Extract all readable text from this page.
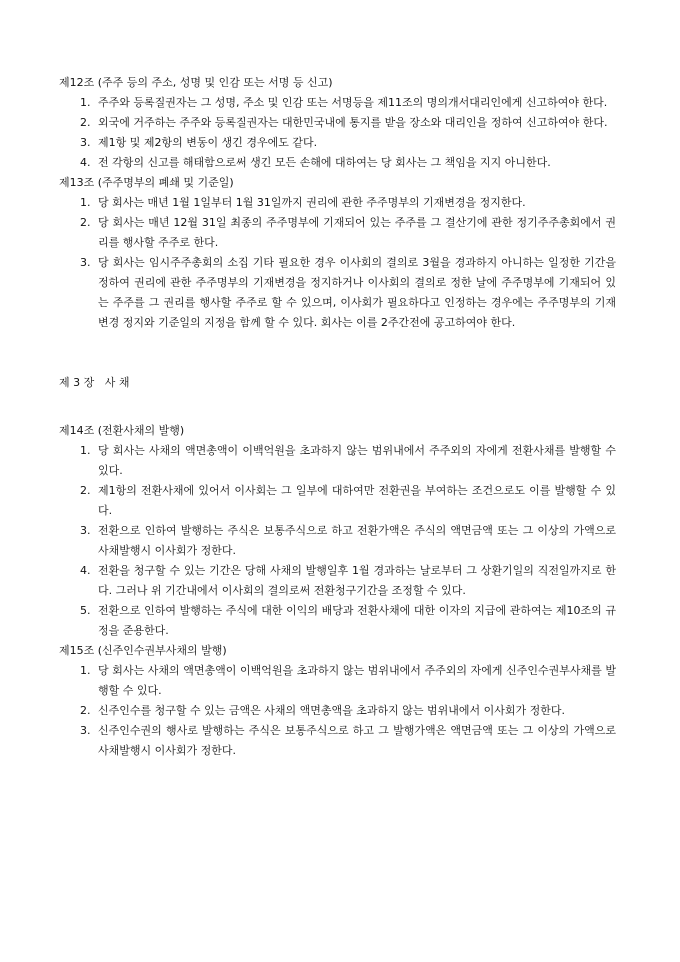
제12조 (주주 등의 주소, 성명 및 인감 또는 서명 등 신고)
1. 주주와 등록질권자는 그 성명, 주소 및 인감 또는 서명등을 제11조의 명의개서대리인에게 신고하여야 한다.
2. 외국에 거주하는 주주와 등록질권자는 대한민국내에 통지를 받을 장소와 대리인을 정하여 신고하여야 한다.
3. 제1항 및 제2항의 변동이 생긴 경우에도 같다.
4. 전 각항의 신고를 해태함으로써 생긴 모든 손해에 대하여는 당 회사는 그 책임을 지지 아니한다.
제13조 (주주명부의 폐쇄 및 기준일)
1. 당 회사는 매년 1월 1일부터 1월 31일까지 권리에 관한 주주명부의 기재변경을 정지한다.
2. 당 회사는 매년 12월 31일 최종의 주주명부에 기재되어 있는 주주를 그 결산기에 관한 정기주주총회에서 권리를 행사할 주주로 한다.
3. 당 회사는 임시주주총회의 소집 기타 필요한 경우 이사회의 결의로 3월을 경과하지 아니하는 일정한 기간을 정하여 권리에 관한 주주명부의 기재변경을 정지하거나 이사회의 결의로 정한 날에 주주명부에 기재되어 있는 주주를 그 권리를 행사할 주주로 할 수 있으며, 이사회가 필요하다고 인정하는 경우에는 주주명부의 기재변경 정지와 기준일의 지정을 함께 할 수 있다. 회사는 이를 2주간전에 공고하여야 한다.
제 3 장   사 채
제14조 (전환사채의 발행)
1. 당 회사는 사채의 액면총액이 이백억원을 초과하지 않는 범위내에서 주주외의 자에게 전환사채를 발행할 수 있다.
2. 제1항의 전환사채에 있어서 이사회는 그 일부에 대하여만 전환권을 부여하는 조건으로도 이를 발행할 수 있다.
3. 전환으로 인하여 발행하는 주식은 보통주식으로 하고 전환가액은 주식의 액면금액 또는 그 이상의 가액으로 사채발행시 이사회가 정한다.
4. 전환을 청구할 수 있는 기간은 당해 사채의 발행일후 1월 경과하는 날로부터 그 상환기일의 직전일까지로 한다. 그러나 위 기간내에서 이사회의 결의로써 전환청구기간을 조정할 수 있다.
5. 전환으로 인하여 발행하는 주식에 대한 이익의 배당과 전환사채에 대한 이자의 지급에 관하여는 제10조의 규정을 준용한다.
제15조 (신주인수권부사채의 발행)
1. 당 회사는 사채의 액면총액이 이백억원을 초과하지 않는 범위내에서 주주외의 자에게 신주인수권부사채를 발행할 수 있다.
2. 신주인수를 청구할 수 있는 금액은 사채의 액면총액을 초과하지 않는 범위내에서 이사회가 정한다.
3. 신주인수권의 행사로 발행하는 주식은 보통주식으로 하고 그 발행가액은 액면금액 또는 그 이상의 가액으로 사채발행시 이사회가 정한다.
